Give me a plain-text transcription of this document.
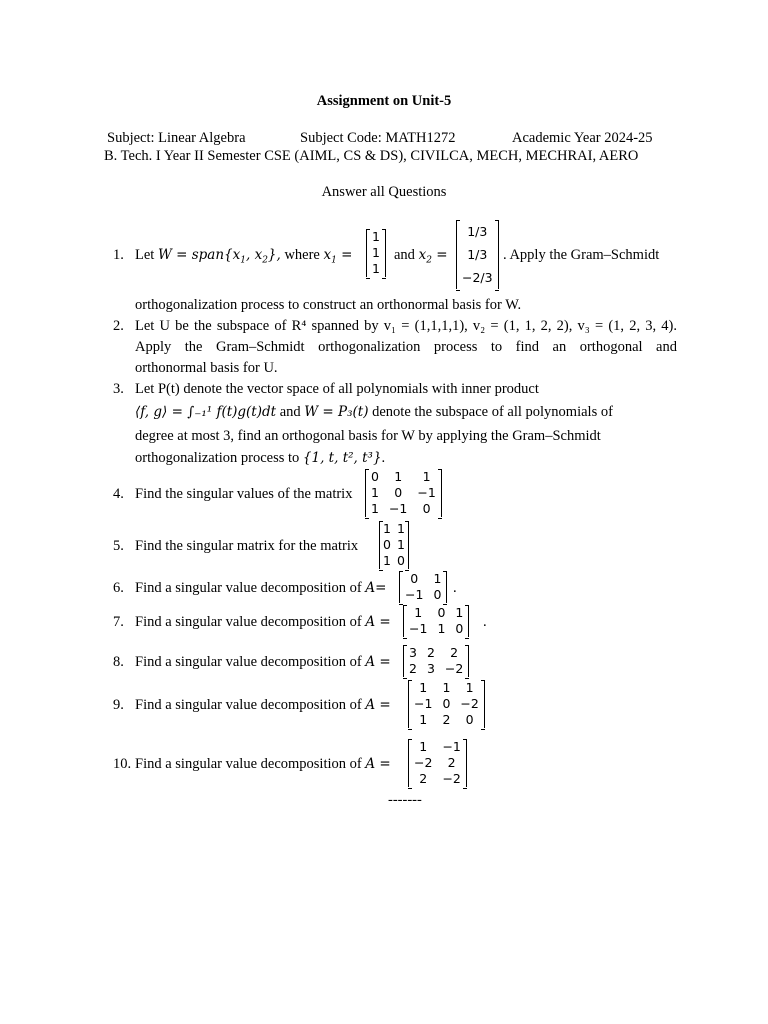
Assignment on Unit-5
Subject: Linear Algebra	Subject Code: MATH1272	Academic Year 2024-25
B. Tech. I Year II Semester CSE (AIML, CS & DS), CIVILCA, MECH, MECHRAI, AERO
Answer all Questions
1. Let $W = span\{x_1$, $x_2$}, where $x_1$ =
1
1
1
and $x_2$ =
1/3
1/3
−2/3
. Apply the Gram–Schmidt
orthogonalization process to construct an orthonormal basis for W.
2. Let U be the subspace of R⁴ spanned by v₁ = (1,1,1,1), v₂ = (1, 1, 2, 2), v₃ = (1, 2, 3, 4).
Apply the Gram–Schmidt orthogonalization process to find an orthogonal and
orthonormal basis for U.
3. Let P(t) denote the vector space of all polynomials with inner product
⟨f, g⟩ = ∫₋₁¹ f(t)g(t)dt and W = P₃(t) denote the subspace of all polynomials of
degree at most 3, find an orthogonal basis for W by applying the Gram–Schmidt
orthogonalization process to {1, t, t², t³}.
4. Find the singular values of the matrix
0	1	1
1	0	−1
1	−1	0
5. Find the singular matrix for the matrix
1	1
0	1
1	0
6. Find a singular value decomposition of A=
0	1
−1	0 .
7. Find a singular value decomposition of A =
1	0	1
−1	1	0 .
8. Find a singular value decomposition of A =
3	2	2
2	3	−2
9. Find a singular value decomposition of A =
1	1	1
−1	0	−2
1	2	0
10. Find a singular value decomposition of A =
1	−1
−2	2
2	−2
-------
